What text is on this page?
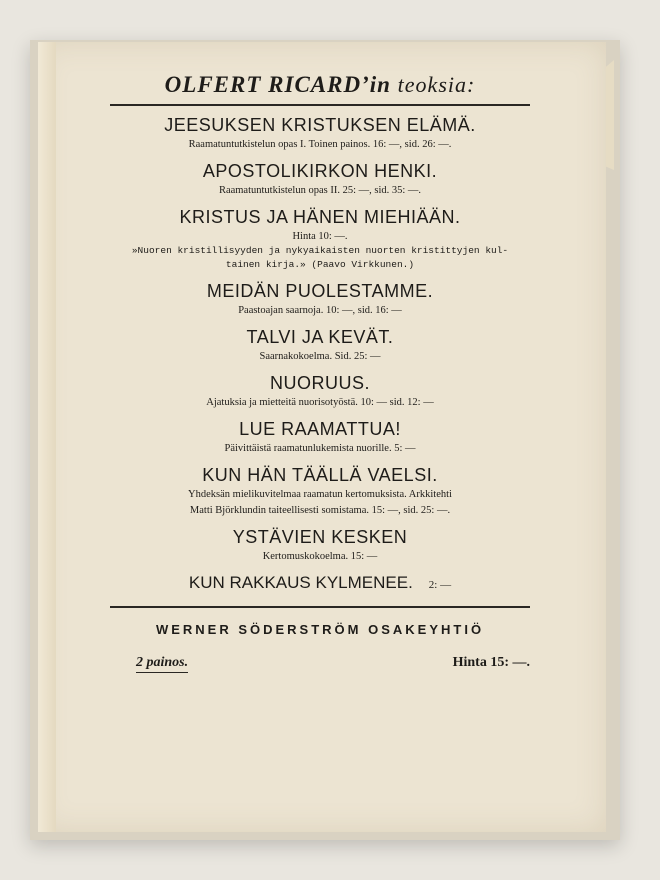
OLFERT RICARD’in teoksia:
JEESUKSEN KRISTUKSEN ELÄMÄ.
Raamatuntutkistelun opas I. Toinen painos. 16: —, sid. 26: —.
APOSTOLIKIRKON HENKI.
Raamatuntutkistelun opas II. 25: —, sid. 35: —.
KRISTUS JA HÄNEN MIEHIÄÄN.
Hinta 10: —.
»Nuoren kristillisyyden ja nykyaikaisten nuorten kristittyjen kul-
tainen kirja.» (Paavo Virkkunen.)
MEIDÄN PUOLESTAMME.
Paastoajan saarnoja. 10: —, sid. 16: —
TALVI JA KEVÄT.
Saarnakokoelma. Sid. 25: —
NUORUUS.
Ajatuksia ja mietteitä nuorisotyöstä. 10: — sid. 12: —
LUE RAAMATTUA!
Päivittäistä raamatunlukemista nuorille. 5: —
KUN HÄN TÄÄLLÄ VAELSI.
Yhdeksän mielikuvitelmaa raamatun kertomuksista. Arkkitehti
Matti Björklundin taiteellisesti somistama. 15: —, sid. 25: —.
YSTÄVIEN KESKEN
Kertomuskokoelma. 15: —
KUN RAKKAUS KYLMENEE. 2: —
WERNER SÖDERSTRÖM OSAKEYHTIÖ
2 painos.	Hinta 15: —.
